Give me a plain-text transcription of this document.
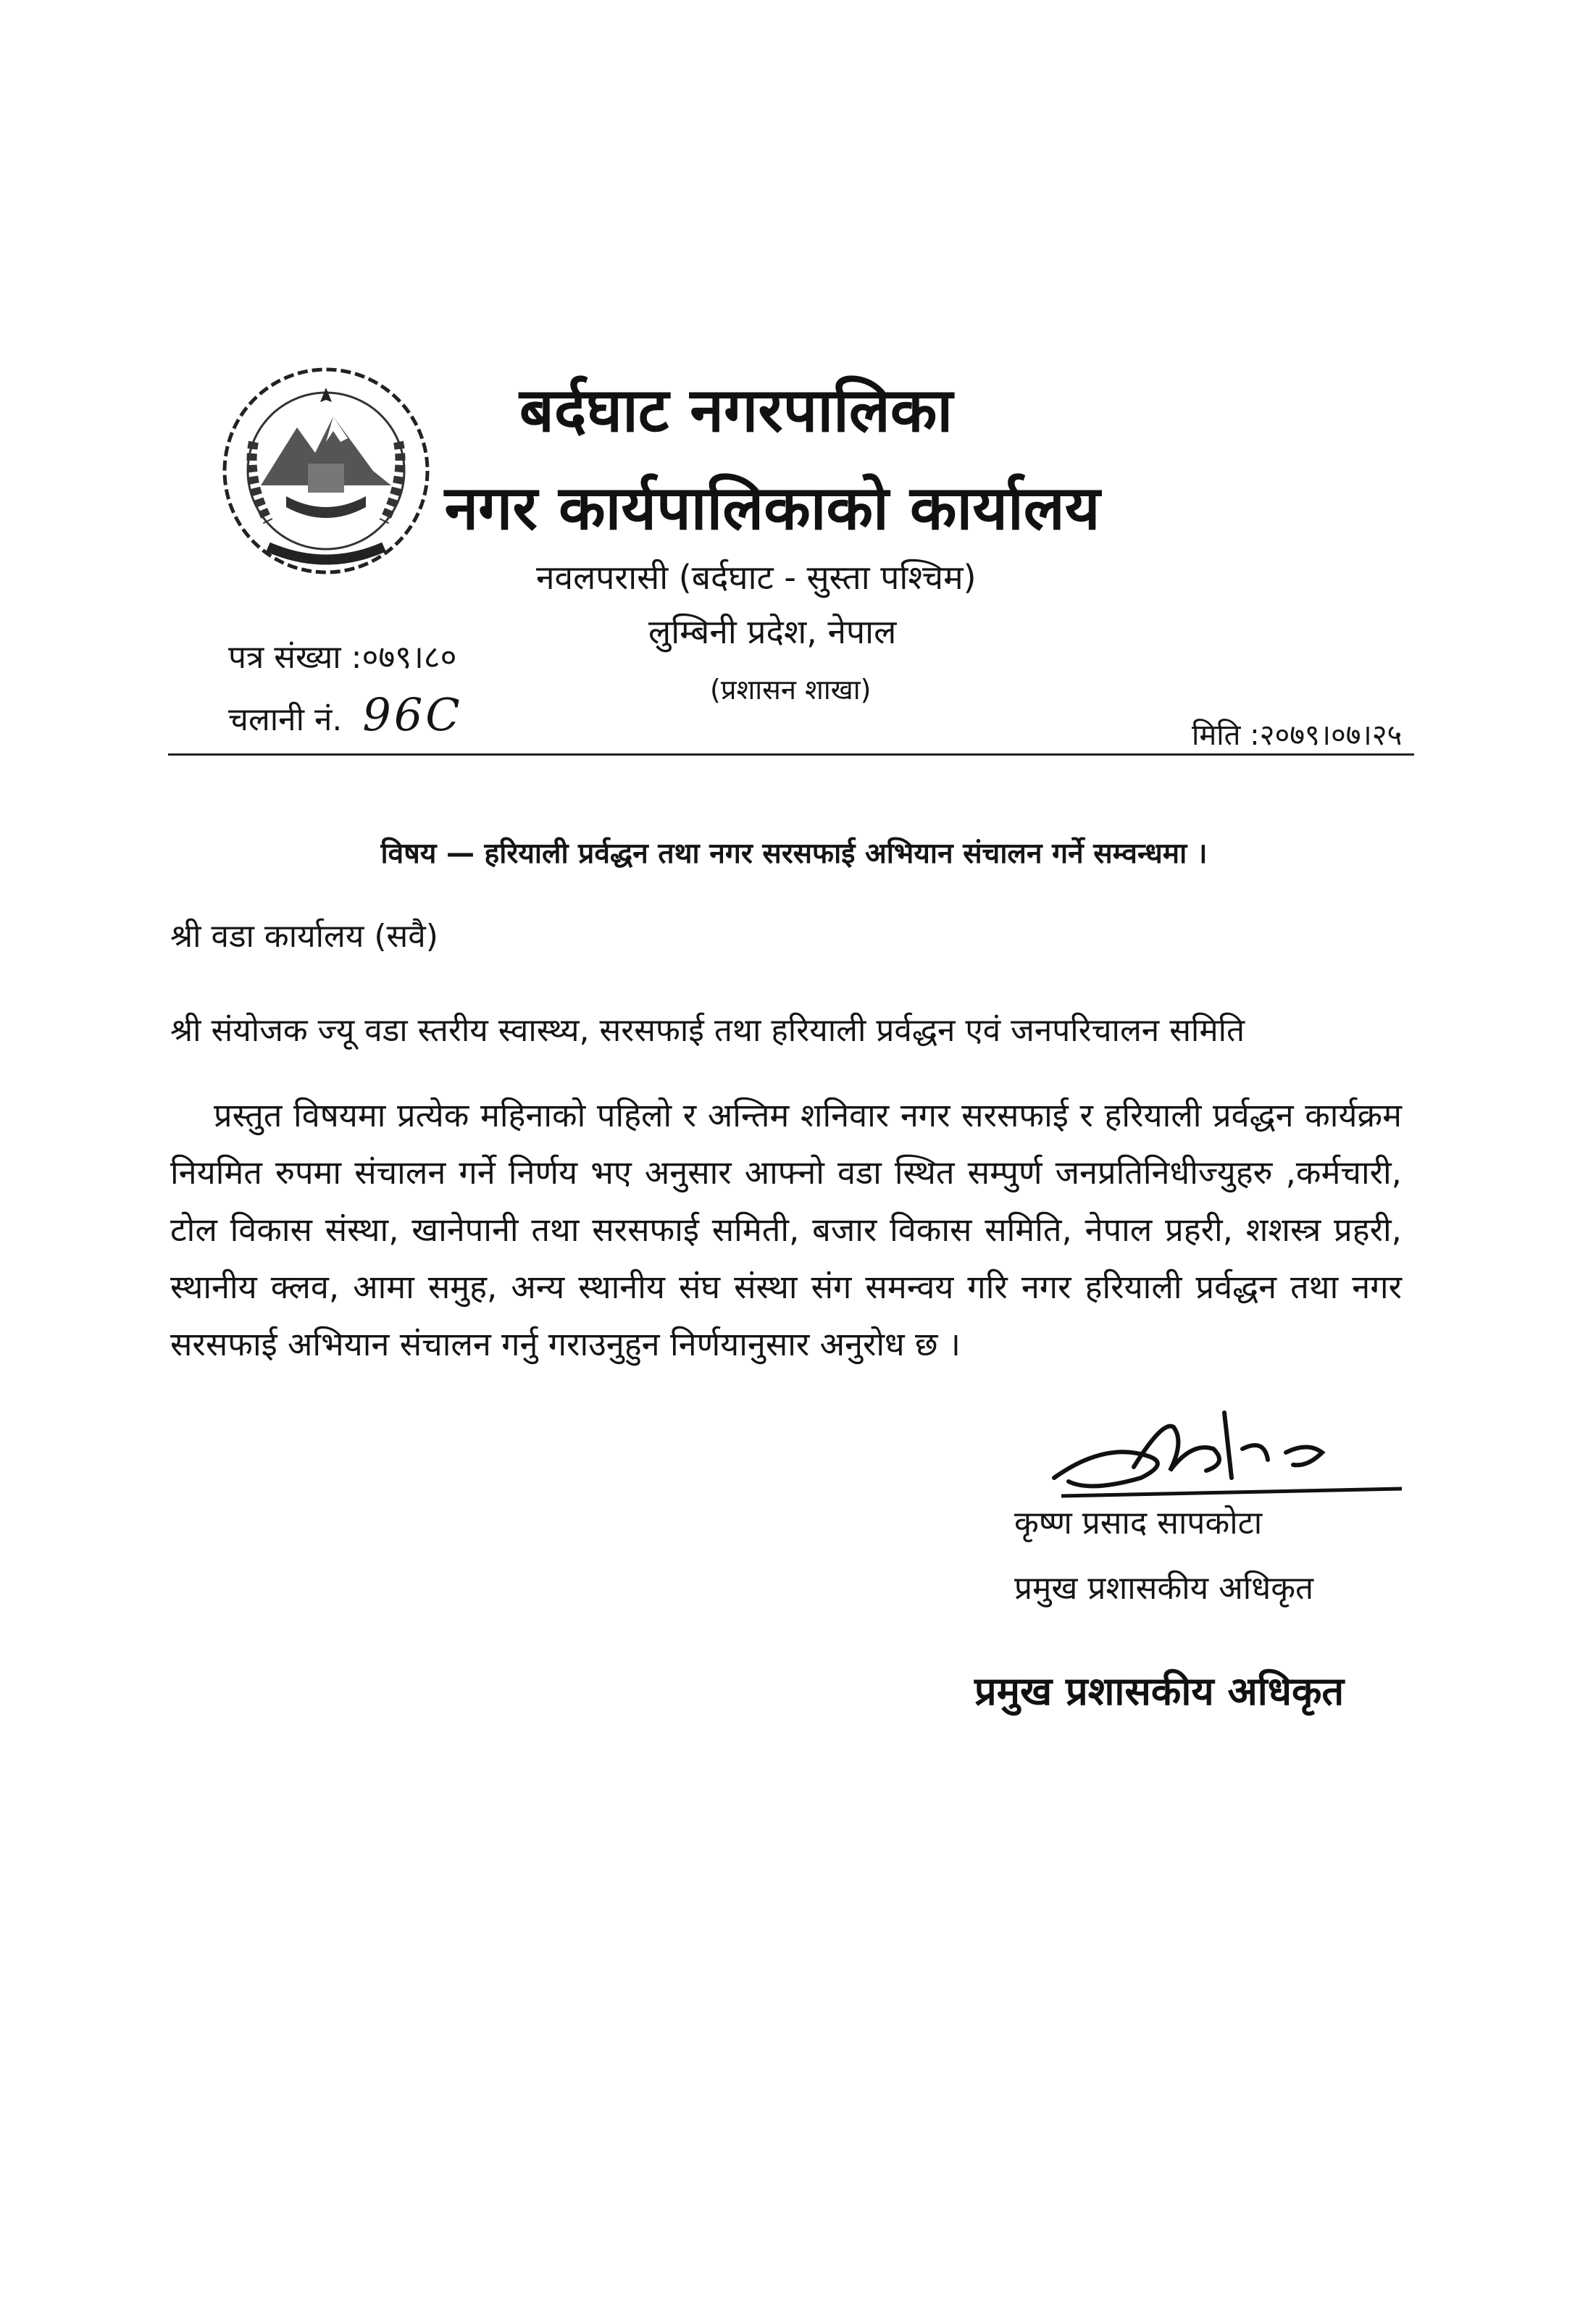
बर्दघाट नगरपालिका
नगर कार्यपालिकाको कार्यालय
नवलपरासी (बर्दघाट - सुस्ता पश्चिम)
लुम्बिनी प्रदेश, नेपाल
(प्रशासन शाखा)
पत्र संख्या :०७९।८०
चलानी नं. 96C	मिति :२०७९।०७।२५
विषय — हरियाली प्रर्वद्धन तथा नगर सरसफाई अभियान संचालन गर्ने सम्वन्धमा ।
श्री वडा कार्यालय (सवै)
श्री संयोजक ज्यू वडा स्तरीय स्वास्थ्य, सरसफाई तथा हरियाली प्रर्वद्धन एवं जनपरिचालन समिति

प्रस्तुत विषयमा प्रत्येक महिनाको पहिलो र अन्तिम शनिवार नगर सरसफाई र हरियाली प्रर्वद्धन कार्यक्रम नियमित रुपमा संचालन गर्ने निर्णय भए अनुसार आफ्नो वडा स्थित सम्पुर्ण जनप्रतिनिधीज्युहरु ,कर्मचारी, टोल विकास संस्था, खानेपानी तथा सरसफाई समिती, बजार विकास समिति, नेपाल प्रहरी, शशस्त्र प्रहरी, स्थानीय क्लव, आमा समुह, अन्य स्थानीय संघ संस्था संग समन्वय गरि नगर हरियाली प्रर्वद्धन तथा नगर सरसफाई अभियान संचालन गर्नु गराउनुहुन निर्णयानुसार अनुरोध छ ।

कृष्ण प्रसाद सापकोटा
प्रमुख प्रशासकीय अधिकृत
प्रमुख प्रशासकीय अधिकृत
